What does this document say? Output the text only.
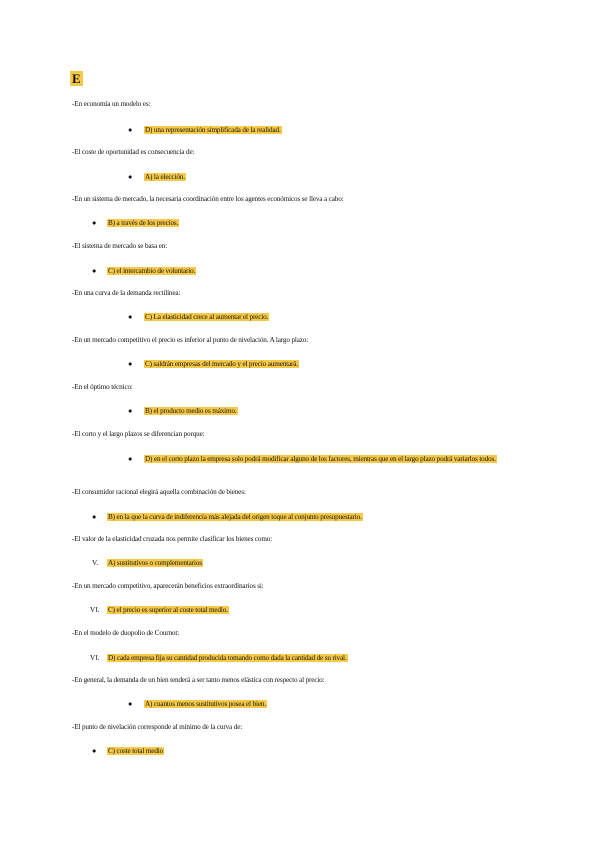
E
-En economía un modelo es:
● D) una representación simplificada de la realidad.
-El coste de oportunidad es consecuencia de:
● A) la elección.
-En un sistema de mercado, la necesaria coordinación entre los agentes económicos se lleva a cabo:
● B) a través de los precios.
-El sistema de mercado se basa en:
● C) el intercambio de voluntario.
-En una curva de la demanda rectilínea:
● C) La elasticidad crece al aumentar el precio.
-En un mercado competitivo el precio es inferior al punto de nivelación. A largo plazo:
● C) saldrán empresas del mercado y el precio aumentará.
-En el óptimo técnico:
● B) el producto medio es máximo.
-El corto y el largo plazos se diferencian porque:
● D) en el corto plazo la empresa solo podrá modificar alguno de los factores, mientras que en el largo plazo podrá variarlos todos.
-El consumidor racional elegirá aquella combinación de bienes:
● B) en la que la curva de indiferencia más alejada del origen toque al conjunto presupuestario.
-El valor de la elasticidad cruzada nos permite clasificar los bienes como:
V. A) sustitutivos o complementarios
-En un mercado competitivo, aparecerán beneficios extraordinarios si:
VI. C) el precio es superior al coste total medio.
-En el modelo de duopolio de Cournot:
VI. D) cada empresa fija su cantidad producida tomando como dada la cantidad de su rival.
-En general, la demanda de un bien tenderá a ser tanto menos elástica con respecto al precio:
● A) cuantos menos sustitutivos posea el bien.
-El punto de nivelación corresponde al mínimo de la curva de:
● C) coste total medio
